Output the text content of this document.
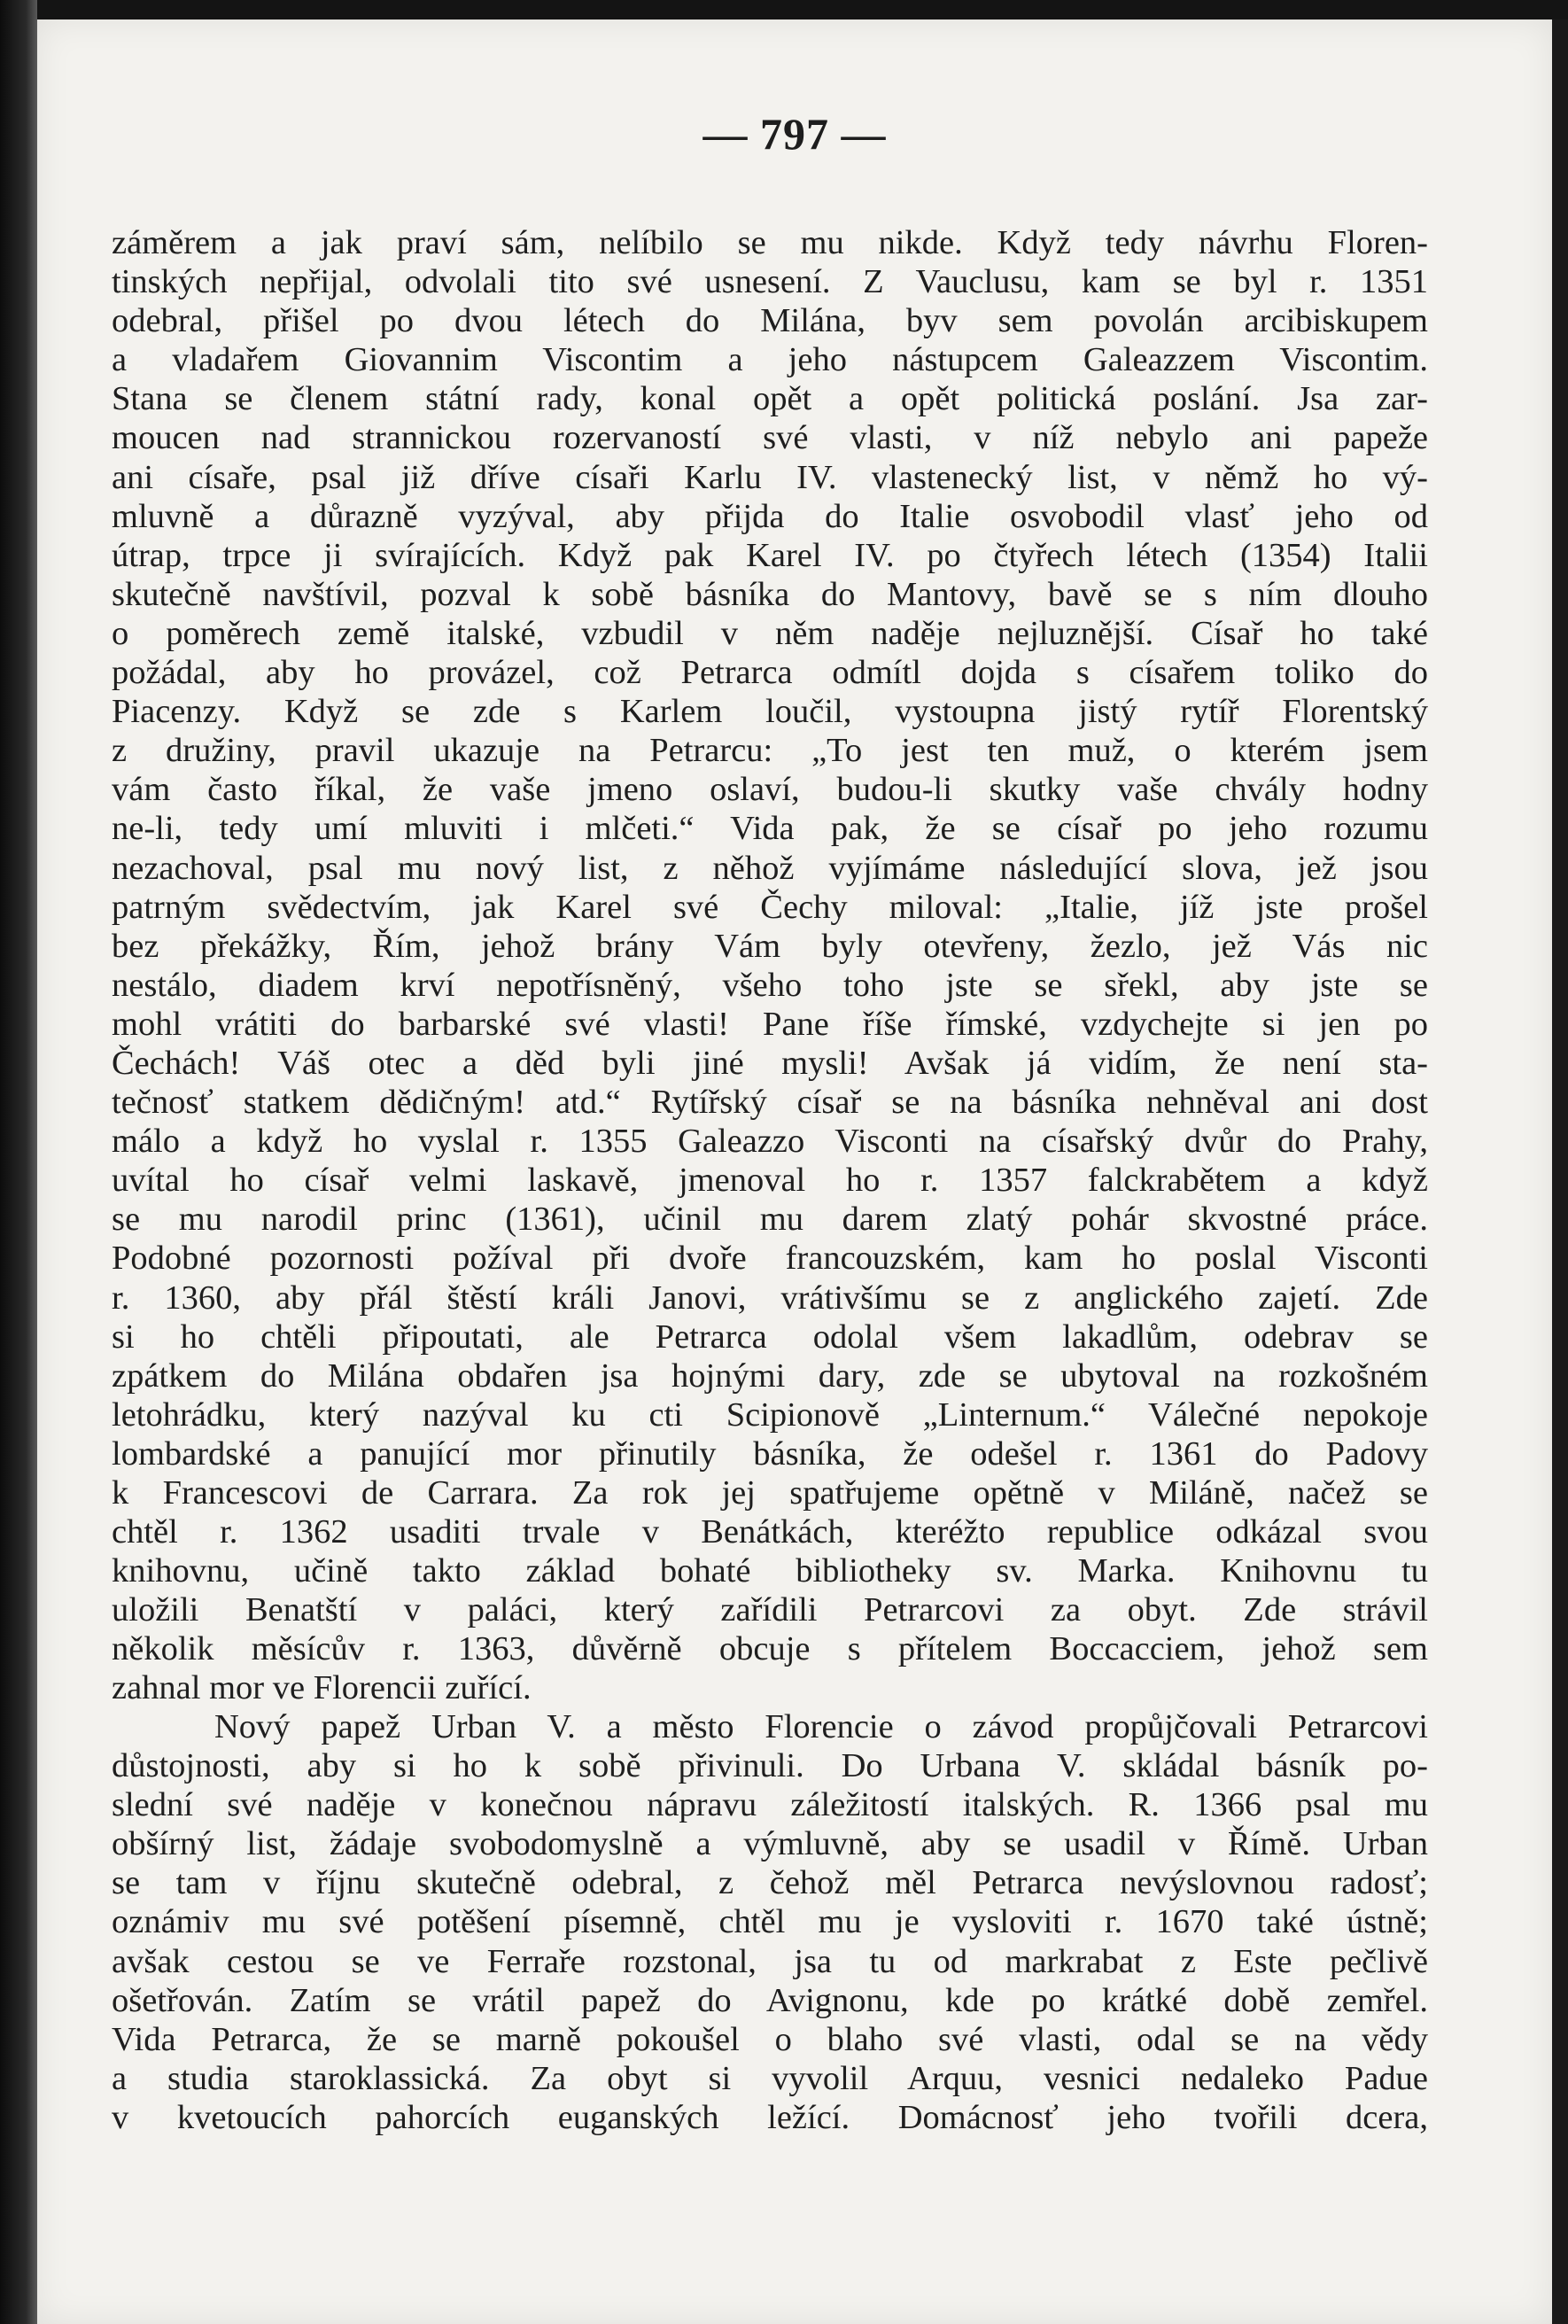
— 797 —
záměrem a jak praví sám, nelíbilo se mu nikde. Když tedy návrhu Floren-
tinských nepřijal, odvolali tito své usnesení. Z Vauclusu, kam se byl r. 1351
odebral, přišel po dvou létech do Milána, byv sem povolán arcibiskupem
a vladařem Giovannim Viscontim a jeho nástupcem Galeazzem Viscontim.
Stana se členem státní rady, konal opět a opět politická poslání. Jsa zar-
moucen nad strannickou rozervaností své vlasti, v níž nebylo ani papeže
ani císaře, psal již dříve císaři Karlu IV. vlastenecký list, v němž ho vý-
mluvně a důrazně vyzýval, aby přijda do Italie osvobodil vlasť jeho od
útrap, trpce ji svírajících. Když pak Karel IV. po čtyřech létech (1354) Italii
skutečně navštívil, pozval k sobě básníka do Mantovy, bavě se s ním dlouho
o poměrech země italské, vzbudil v něm naděje nejluznější. Císař ho také
požádal, aby ho provázel, což Petrarca odmítl dojda s císařem toliko do
Piacenzy. Když se zde s Karlem loučil, vystoupna jistý rytíř Florentský
z družiny, pravil ukazuje na Petrarcu: „To jest ten muž, o kterém jsem
vám často říkal, že vaše jmeno oslaví, budou-li skutky vaše chvály hodny
ne-li, tedy umí mluviti i mlčeti.“ Vida pak, že se císař po jeho rozumu
nezachoval, psal mu nový list, z něhož vyjímáme následující slova, jež jsou
patrným svědectvím, jak Karel své Čechy miloval: „Italie, jíž jste prošel
bez překážky, Řím, jehož brány Vám byly otevřeny, žezlo, jež Vás nic
nestálo, diadem krví nepotřísněný, všeho toho jste se sřekl, aby jste se
mohl vrátiti do barbarské své vlasti! Pane říše římské, vzdychejte si jen po
Čechách! Váš otec a děd byli jiné mysli! Avšak já vidím, že není sta-
tečnosť statkem dědičným! atd.“ Rytířský císař se na básníka nehněval ani dost
málo a když ho vyslal r. 1355 Galeazzo Visconti na císařský dvůr do Prahy,
uvítal ho císař velmi laskavě, jmenoval ho r. 1357 falckrabětem a když
se mu narodil princ (1361), učinil mu darem zlatý pohár skvostné práce.
Podobné pozornosti požíval při dvoře francouzském, kam ho poslal Visconti
r. 1360, aby přál štěstí králi Janovi, vrátivšímu se z anglického zajetí. Zde
si ho chtěli připoutati, ale Petrarca odolal všem lakadlům, odebrav se
zpátkem do Milána obdařen jsa hojnými dary, zde se ubytoval na rozkošném
letohrádku, který nazýval ku cti Scipionově „Linternum.“ Válečné nepokoje
lombardské a panující mor přinutily básníka, že odešel r. 1361 do Padovy
k Francescovi de Carrara. Za rok jej spatřujeme opětně v Miláně, načež se
chtěl r. 1362 usaditi trvale v Benátkách, kteréžto republice odkázal svou
knihovnu, učině takto základ bohaté bibliotheky sv. Marka. Knihovnu tu
uložili Benatští v paláci, který zařídili Petrarcovi za obyt. Zde strávil
několik měsícův r. 1363, důvěrně obcuje s přítelem Boccacciem, jehož sem
zahnal mor ve Florencii zuřící.
Nový papež Urban V. a město Florencie o závod propůjčovali Petrarcovi
důstojnosti, aby si ho k sobě přivinuli. Do Urbana V. skládal básník po-
slední své naděje v konečnou nápravu záležitostí italských. R. 1366 psal mu
obšírný list, žádaje svobodomyslně a výmluvně, aby se usadil v Římě. Urban
se tam v říjnu skutečně odebral, z čehož měl Petrarca nevýslovnou radosť;
oznámiv mu své potěšení písemně, chtěl mu je vysloviti r. 1670 také ústně;
avšak cestou se ve Ferraře rozstonal, jsa tu od markrabat z Este pečlivě
ošetřován. Zatím se vrátil papež do Avignonu, kde po krátké době zemřel.
Vida Petrarca, že se marně pokoušel o blaho své vlasti, odal se na vědy
a studia staroklassická. Za obyt si vyvolil Arquu, vesnici nedaleko Padue
v kvetoucích pahorcích euganských ležící. Domácnosť jeho tvořili dcera,
